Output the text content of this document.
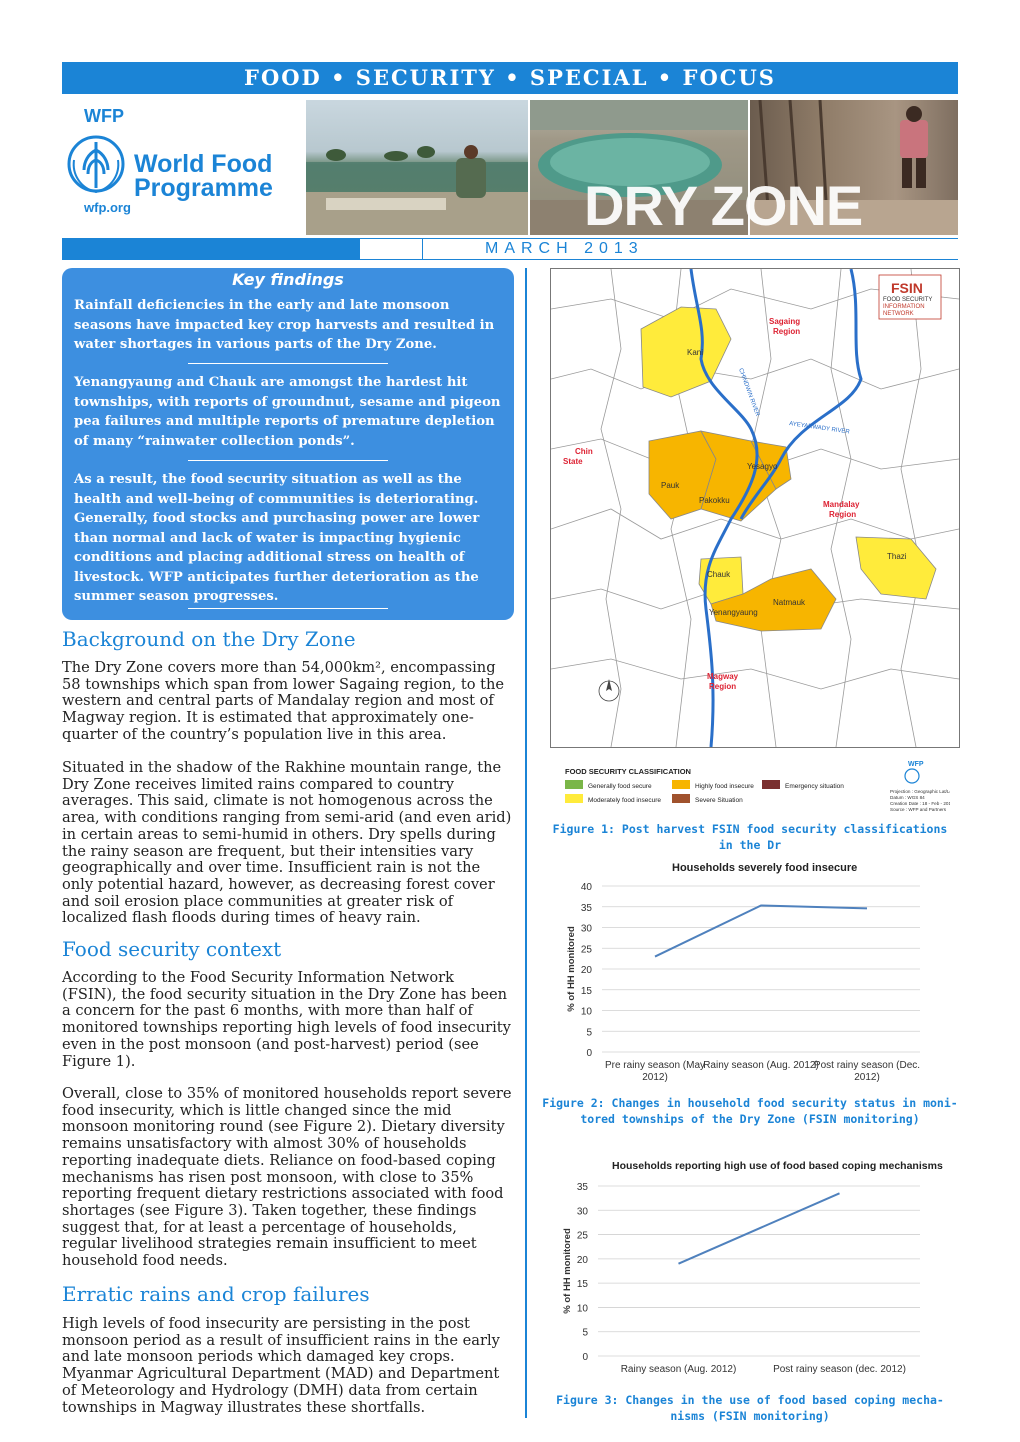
FOOD • SECURITY • SPECIAL • FOCUS
WFP
World Food
Programme
wfp.org	DRY ZONE
MARCH 2013
Key findings
Rainfall deficiencies in the early and late monsoon seasons have impacted key crop harvests and resulted in water shortages in various parts of the Dry Zone.
Yenangyaung and Chauk are amongst the hardest hit townships, with reports of groundnut, sesame and pigeon pea failures and multiple reports of premature depletion of many “rainwater collection ponds”.
As a result, the food security situation as well as the health and well-being of communities is deteriorating. Generally, food stocks and purchasing power are lower than normal and lack of water is impacting hygienic conditions and placing additional stress on health of livestock. WFP anticipates further deterioration as the summer season progresses.
Background on the Dry Zone
The Dry Zone covers more than 54,000km², encompassing 58 townships which span from lower Sagaing region, to the western and central parts of Mandalay region and most of Magway region. It is estimated that approximately one-quarter of the country’s population live in this area.
Situated in the shadow of the Rakhine mountain range, the Dry Zone receives limited rains compared to country averages. This said, climate is not homogenous across the area, with conditions ranging from semi-arid (and even arid) in certain areas to semi-humid in others. Dry spells during the rainy season are frequent, but their intensities vary geographically and over time. Insufficient rain is not the only potential hazard, however, as decreasing forest cover and soil erosion place communities at greater risk of localized flash floods during times of heavy rain.
Food security context
According to the Food Security Information Network (FSIN), the food security situation in the Dry Zone has been a concern for the past 6 months, with more than half of monitored townships reporting high levels of food insecurity even in the post monsoon (and post-harvest) period (see Figure 1).
Overall, close to 35% of monitored households report severe food insecurity, which is little changed since the mid monsoon monitoring round (see Figure 2). Dietary diversity remains unsatisfactory with almost 30% of households reporting inadequate diets. Reliance on food-based coping mechanisms has risen post monsoon, with close to 35% reporting frequent dietary restrictions associated with food shortages (see Figure 3). Taken together, these findings suggest that, for at least a percentage of households, regular livelihood strategies remain insufficient to meet household food needs.
Erratic rains and crop failures
High levels of food insecurity are persisting in the post monsoon period as a result of insufficient rains in the early and late monsoon periods which damaged key crops. Myanmar Agricultural Department (MAD) and Department of Meteorology and Hydrology (DMH) data from certain townships in Magway illustrates these shortfalls.
FSIN
FOOD SECURITY
INFORMATION
NETWORK
Sagaing
Region
Kani
CHINDWIN RIVER
AYEYARWADY RIVER
Chin
State
Yesagyo
Pauk
Pakokku	Mandalay
Region
Thazi
Chauk
Natmauk
Yenangyaung
Magway
Region
FOOD SECURITY CLASSIFICATION
Generally food secure	Highly food insecure	Emergency situation
Moderately food insecure	Severe Situation
WFP
Projection : Geographic Lat/Lon
Datum : WGS 84
Creation Date : 18 - Feb - 2013
Source : WFP and Partners
Figure 1: Post harvest FSIN food security classifications
in the Dr
Households severely food insecure
0
5
10
15
20
25
30
35
40
% of HH monitored
Pre rainy season (May
2012)
Rainy season (Aug. 2012)
Post rainy season (Dec.
2012)
Figure 2: Changes in household food security status in moni-
tored townships of the Dry Zone (FSIN monitoring)
Households reporting high use of food based coping mechanisms
0
5
10
15
20
25
30
35
% of HH monitored
Rainy season (Aug. 2012)	Post rainy season (dec. 2012)
Figure 3: Changes in the use of food based coping mecha-
nisms (FSIN monitoring)
